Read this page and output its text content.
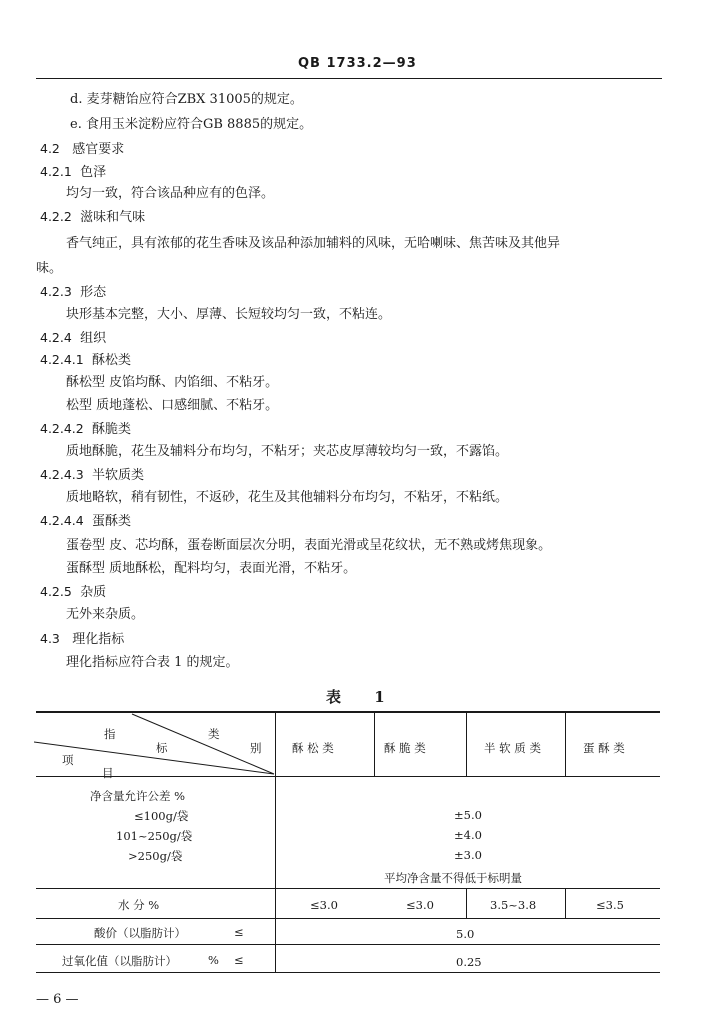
QB 1733.2—93
d. 麦芽糖饴应符合ZBX 31005的规定。
e. 食用玉米淀粉应符合GB 8885的规定。
4.2 感官要求
4.2.1 色泽
均匀一致，符合该品种应有的色泽。
4.2.2 滋味和气味
香气纯正，具有浓郁的花生香味及该品种添加辅料的风味，无哈喇味、焦苦味及其他异
味。
4.2.3 形态
块形基本完整，大小、厚薄、长短较均匀一致，不粘连。
4.2.4 组织
4.2.4.1 酥松类
酥松型 皮馅均酥、内馅细、不粘牙。
松型 质地蓬松、口感细腻、不粘牙。
4.2.4.2 酥脆类
质地酥脆，花生及辅料分布均匀，不粘牙；夹芯皮厚薄较均匀一致，不露馅。
4.2.4.3 半软质类
质地略软，稍有韧性，不返砂，花生及其他辅料分布均匀，不粘牙，不粘纸。
4.2.4.4 蛋酥类
蛋卷型 皮、芯均酥，蛋卷断面层次分明，表面光滑或呈花纹状，无不熟或烤焦现象。
蛋酥型 质地酥松，配料均匀，表面光滑，不粘牙。
4.2.5 杂质
无外来杂质。
4.3 理化指标
理化指标应符合表 1 的规定。
表 1
指	类
标	别
项
目
酥 松 类	酥 脆 类	半 软 质 类	蛋 酥 类
净含量允许公差 %
≤100g/袋	±5.0
101~250g/袋	±4.0
>250g/袋	±3.0
平均净含量不得低于标明量
水 分 %	≤3.0	≤3.0	3.5~3.8	≤3.5
酸价（以脂肪计）	≤	5.0
过氧化值（以脂肪计）	% ≤	0.25
— 6 —
